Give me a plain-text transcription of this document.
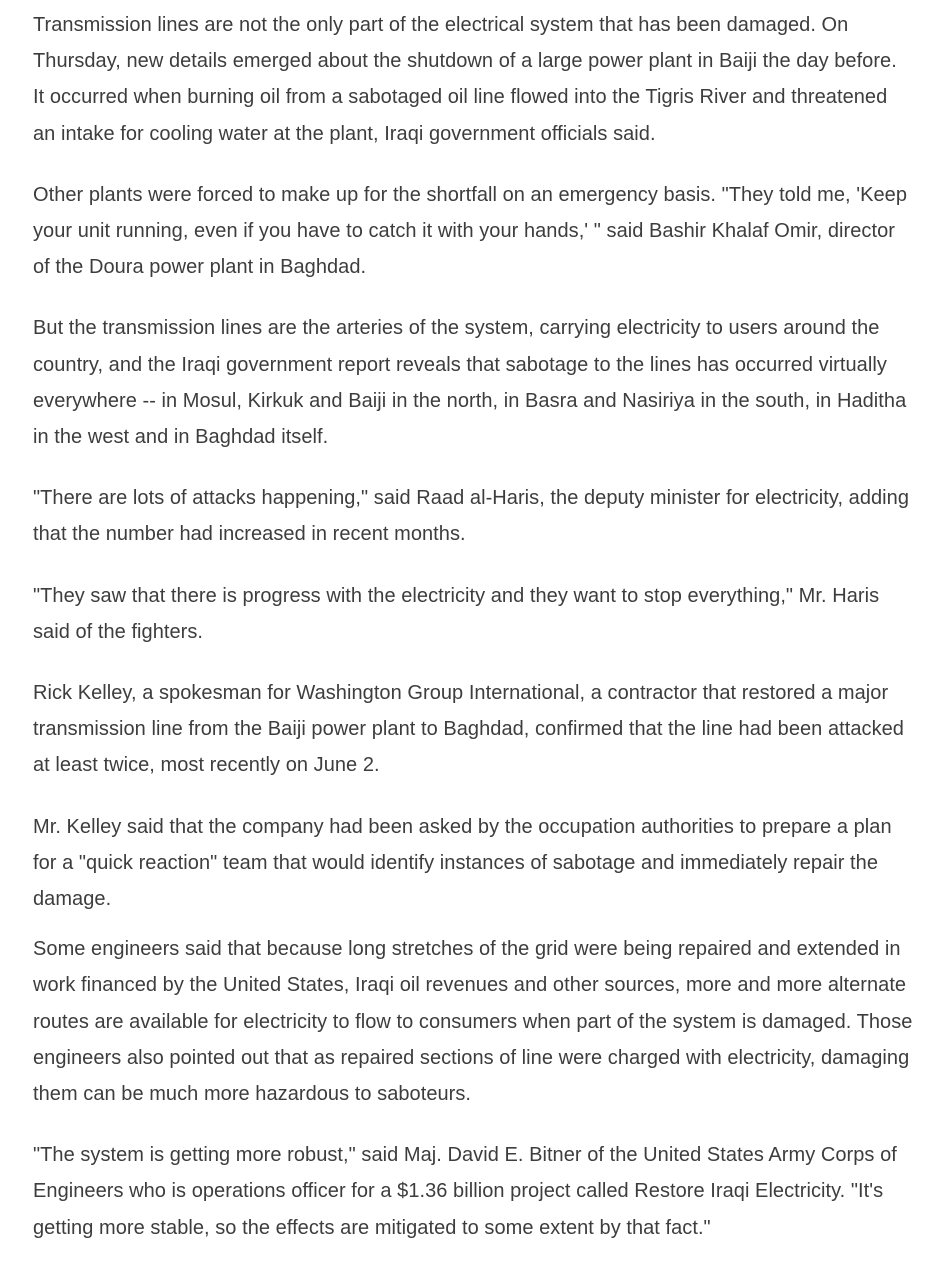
Transmission lines are not the only part of the electrical system that has been damaged. On Thursday, new details emerged about the shutdown of a large power plant in Baiji the day before. It occurred when burning oil from a sabotaged oil line flowed into the Tigris River and threatened an intake for cooling water at the plant, Iraqi government officials said.

Other plants were forced to make up for the shortfall on an emergency basis. "They told me, 'Keep your unit running, even if you have to catch it with your hands,' " said Bashir Khalaf Omir, director of the Doura power plant in Baghdad.

But the transmission lines are the arteries of the system, carrying electricity to users around the country, and the Iraqi government report reveals that sabotage to the lines has occurred virtually everywhere -- in Mosul, Kirkuk and Baiji in the north, in Basra and Nasiriya in the south, in Haditha in the west and in Baghdad itself.

"There are lots of attacks happening," said Raad al-Haris, the deputy minister for electricity, adding that the number had increased in recent months.

"They saw that there is progress with the electricity and they want to stop everything," Mr. Haris said of the fighters.

Rick Kelley, a spokesman for Washington Group International, a contractor that restored a major transmission line from the Baiji power plant to Baghdad, confirmed that the line had been attacked at least twice, most recently on June 2.

Mr. Kelley said that the company had been asked by the occupation authorities to prepare a plan for a "quick reaction" team that would identify instances of sabotage and immediately repair the damage.

Some engineers said that because long stretches of the grid were being repaired and extended in work financed by the United States, Iraqi oil revenues and other sources, more and more alternate routes are available for electricity to flow to consumers when part of the system is damaged. Those engineers also pointed out that as repaired sections of line were charged with electricity, damaging them can be much more hazardous to saboteurs.

"The system is getting more robust," said Maj. David E. Bitner of the United States Army Corps of Engineers who is operations officer for a $1.36 billion project called Restore Iraqi Electricity. "It's getting more stable, so the effects are mitigated to some extent by that fact."
